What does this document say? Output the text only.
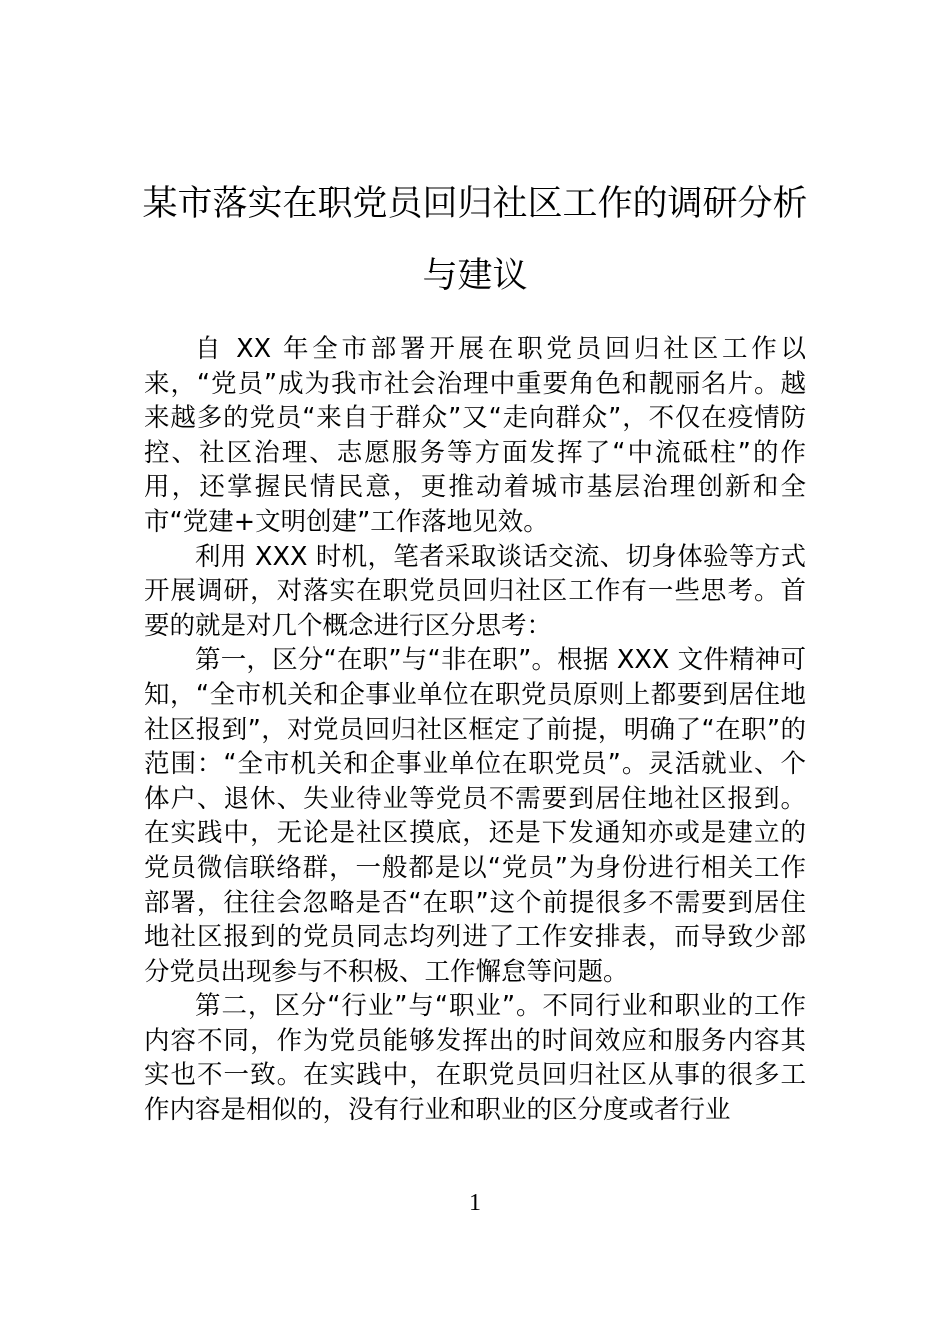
某市落实在职党员回归社区工作的调研分析与建议

自 XX 年全市部署开展在职党员回归社区工作以来，“党员”成为我市社会治理中重要角色和靓丽名片。越来越多的党员“来自于群众”又“走向群众”，不仅在疫情防控、社区治理、志愿服务等方面发挥了“中流砥柱”的作用，还掌握民情民意，更推动着城市基层治理创新和全市“党建+文明创建”工作落地见效。

利用 XXX 时机，笔者采取谈话交流、切身体验等方式开展调研，对落实在职党员回归社区工作有一些思考。首要的就是对几个概念进行区分思考：

第一，区分“在职”与“非在职”。根据 XXX 文件精神可知，“全市机关和企事业单位在职党员原则上都要到居住地社区报到”，对党员回归社区框定了前提，明确了“在职”的范围：“全市机关和企事业单位在职党员”。灵活就业、个体户、退休、失业待业等党员不需要到居住地社区报到。在实践中，无论是社区摸底，还是下发通知亦或是建立的党员微信联络群，一般都是以“党员”为身份进行相关工作部署，往往会忽略是否“在职”这个前提很多不需要到居住地社区报到的党员同志均列进了工作安排表，而导致少部分党员出现参与不积极、工作懈怠等问题。

第二，区分“行业”与“职业”。不同行业和职业的工作内容不同，作为党员能够发挥出的时间效应和服务内容其实也不一致。在实践中，在职党员回归社区从事的很多工作内容是相似的，没有行业和职业的区分度或者行业

1
